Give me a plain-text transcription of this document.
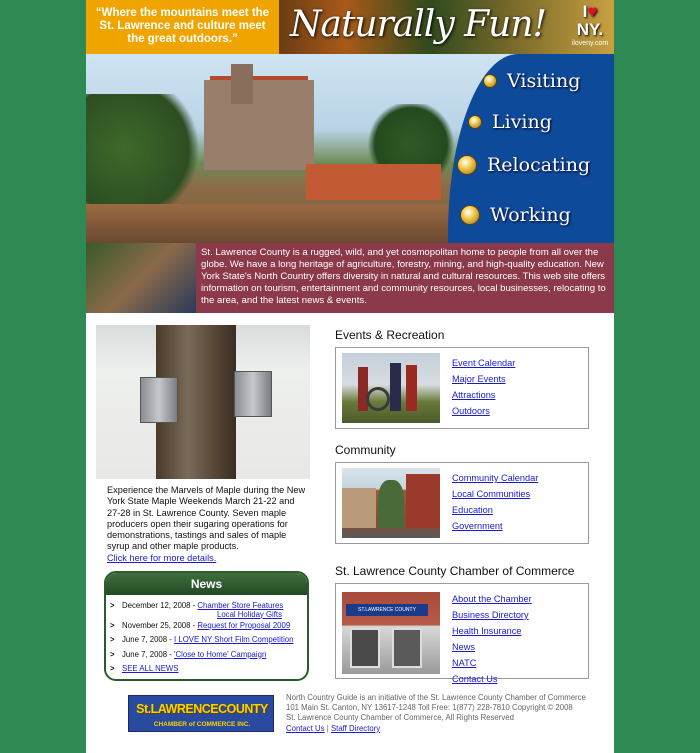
“Where the mountains meet the St. Lawrence and culture meet the great outdoors.”	Naturally Fun!	I♥
NY.
iloveny.com
Visiting
Living
Relocating
Working
St. Lawrence County is a rugged, wild, and yet cosmopolitan home to people from all over the globe. We have a long heritage of agriculture, forestry, mining, and high-quality education. New York State's North Country offers diversity in natural and cultural resources. This web site offers information on tourism, entertainment and community resources, local businesses, relocating to the area, and the latest news & events.
Experience the Marvels of Maple during the New York State Maple Weekends March 21-22 and 27-28 in St. Lawrence County. Seven maple producers open their sugaring operations for demonstrations, tastings and sales of maple syrup and other maple products.
Click here for more details.
News
> December 12, 2008 - Chamber Store Features
Local Holiday Gifts
> November 25, 2008 - Request for Proposal 2009
> June 7, 2008 - I LOVE NY Short Film Competition
> June 7, 2008 - 'Close to Home' Campaign
> SEE ALL NEWS
Events & Recreation
Event Calendar
Major Events
Attractions
Outdoors
Community
Community Calendar
Local Communities
Education
Government
St. Lawrence County Chamber of Commerce
ST.LAWRENCE COUNTY
About the Chamber
Business Directory
Health Insurance
News
NATC
Contact Us
St.LAWRENCECOUNTY
CHAMBER of COMMERCE INC.
North Country Guide is an initiative of the St. Lawrence County Chamber of Commerce
101 Main St. Canton, NY 13617-1248 Toll Free: 1(877) 228-7810 Copyright © 2008
St. Lawrence County Chamber of Commerce, All Rights Reserved
Contact Us | Staff Directory
